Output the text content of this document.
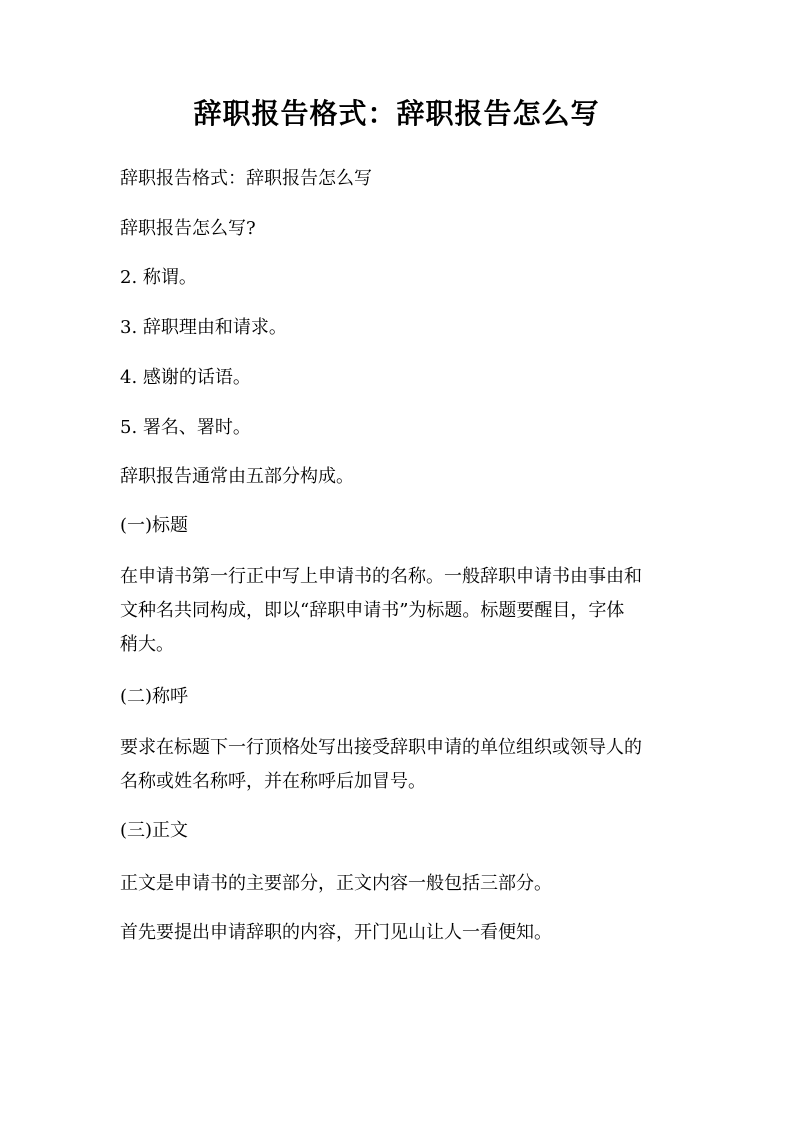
辞职报告格式：辞职报告怎么写
辞职报告格式：辞职报告怎么写
辞职报告怎么写?
2. 称谓。
3. 辞职理由和请求。
4. 感谢的话语。
5. 署名、署时。
辞职报告通常由五部分构成。
(一)标题
在申请书第一行正中写上申请书的名称。一般辞职申请书由事由和
文种名共同构成，即以“辞职申请书”为标题。标题要醒目，字体
稍大。
(二)称呼
要求在标题下一行顶格处写出接受辞职申请的单位组织或领导人的
名称或姓名称呼，并在称呼后加冒号。
(三)正文
正文是申请书的主要部分，正文内容一般包括三部分。
首先要提出申请辞职的内容，开门见山让人一看便知。
